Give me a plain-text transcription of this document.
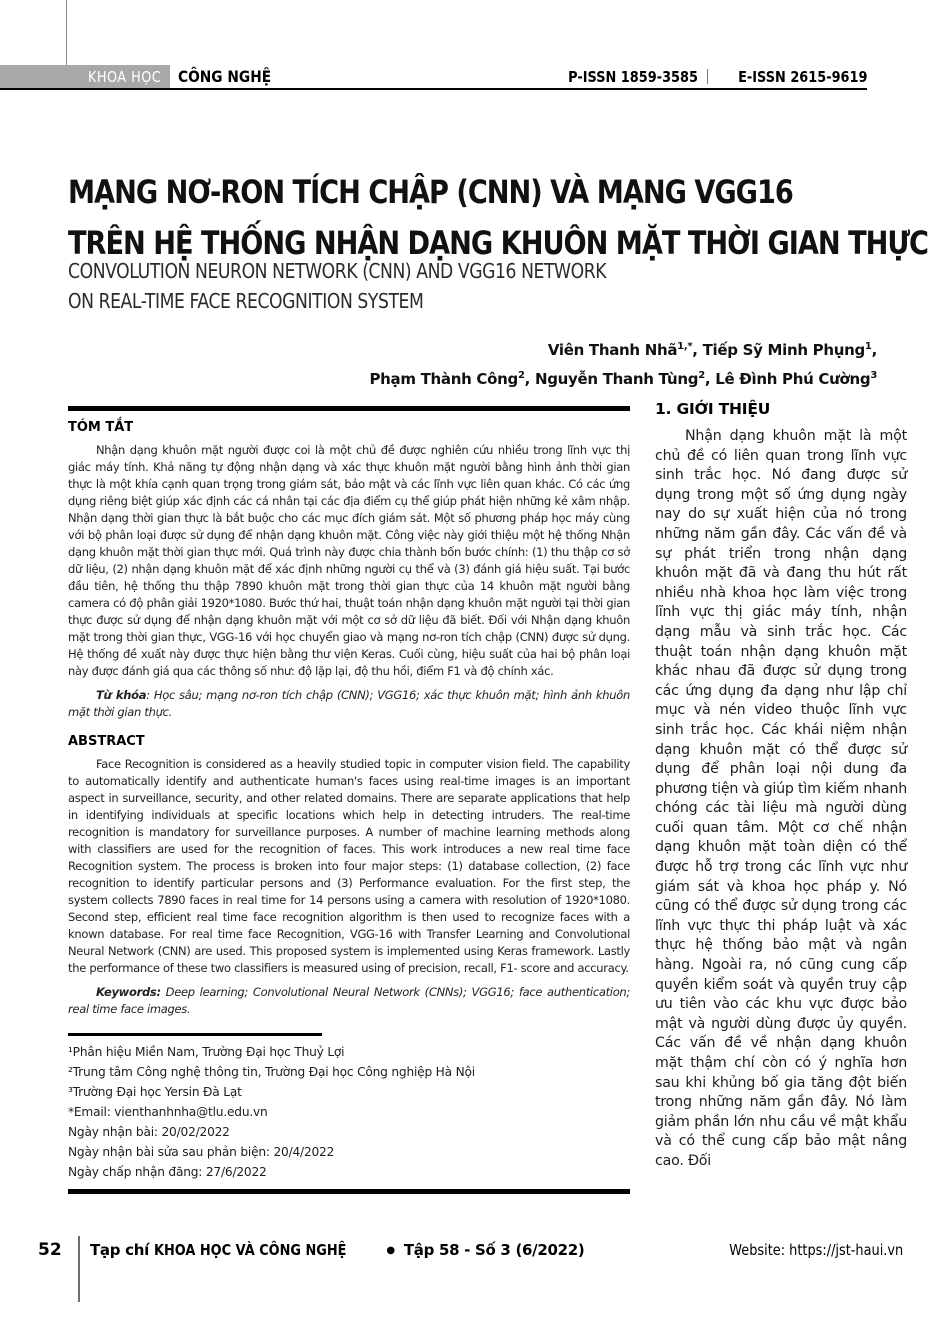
KHOA HỌC CÔNG NGHỆ	P-ISSN 1859-3585	E-ISSN 2615-9619
MẠNG NƠ-RON TÍCH CHẬP (CNN) VÀ MẠNG VGG16
TRÊN HỆ THỐNG NHẬN DẠNG KHUÔN MẶT THỜI GIAN THỰC
CONVOLUTION NEURON NETWORK (CNN) AND VGG16 NETWORK
ON REAL-TIME FACE RECOGNITION SYSTEM
Viên Thanh Nhã$^{1,*}$, Tiếp Sỹ Minh Phụng$^1$,
Phạm Thành Công$^2$, Nguyễn Thanh Tùng$^2$, Lê Đình Phú Cường$^3$
TÓM TẮT

Nhận dạng khuôn mặt người được coi là một chủ đề được nghiên cứu nhiều trong lĩnh vực thị giác máy tính. Khả năng tự động nhận dạng và xác thực khuôn mặt người bằng hình ảnh thời gian thực là một khía cạnh quan trọng trong giám sát, bảo mật và các lĩnh vực liên quan khác. Có các ứng dụng riêng biệt giúp xác định các cá nhân tại các địa điểm cụ thể giúp phát hiện những kẻ xâm nhập. Nhận dạng thời gian thực là bắt buộc cho các mục đích giám sát. Một số phương pháp học máy cùng với bộ phân loại được sử dụng để nhận dạng khuôn mặt. Công việc này giới thiệu một hệ thống Nhận dạng khuôn mặt thời gian thực mới. Quá trình này được chia thành bốn bước chính: (1) thu thập cơ sở dữ liệu, (2) nhận dạng khuôn mặt để xác định những người cụ thể và (3) đánh giá hiệu suất. Tại bước đầu tiên, hệ thống thu thập 7890 khuôn mặt trong thời gian thực của 14 khuôn mặt người bằng camera có độ phân giải 1920*1080. Bước thứ hai, thuật toán nhận dạng khuôn mặt người tại thời gian thực được sử dụng để nhận dạng khuôn mặt với một cơ sở dữ liệu đã biết. Đối với Nhận dạng khuôn mặt trong thời gian thực, VGG-16 với học chuyển giao và mạng nơ-ron tích chập (CNN) được sử dụng. Hệ thống đề xuất này được thực hiện bằng thư viện Keras. Cuối cùng, hiệu suất của hai bộ phân loại này được đánh giá qua các thông số như: độ lặp lại, độ thu hồi, điểm F1 và độ chính xác.

Từ khóa: Học sâu; mạng nơ-ron tích chập (CNN); VGG16; xác thực khuôn mặt; hình ảnh khuôn mặt thời gian thực.

ABSTRACT

Face Recognition is considered as a heavily studied topic in computer vision field. The capability to automatically identify and authenticate human's faces using real-time images is an important aspect in surveillance, security, and other related domains. There are separate applications that help in identifying individuals at specific locations which help in detecting intruders. The real-time recognition is mandatory for surveillance purposes. A number of machine learning methods along with classifiers are used for the recognition of faces. This work introduces a new real time face Recognition system. The process is broken into four major steps: (1) database collection, (2) face recognition to identify particular persons and (3) Performance evaluation. For the first step, the system collects 7890 faces in real time for 14 persons using a camera with resolution of 1920*1080. Second step, efficient real time face recognition algorithm is then used to recognize faces with a known database. For real time face Recognition, VGG-16 with Transfer Learning and Convolutional Neural Network (CNN) are used. This proposed system is implemented using Keras framework. Lastly the performance of these two classifiers is measured using of precision, recall, F1- score and accuracy.

Keywords: Deep learning; Convolutional Neural Network (CNNs); VGG16; face authentication; real time face images.

¹Phân hiệu Miền Nam, Trường Đại học Thuỷ Lợi
²Trung tâm Công nghệ thông tin, Trường Đại học Công nghiệp Hà Nội
³Trường Đại học Yersin Đà Lạt
*Email: vienthanhnha@tlu.edu.vn
Ngày nhận bài: 20/02/2022
Ngày nhận bài sửa sau phản biện: 20/4/2022
Ngày chấp nhận đăng: 27/6/2022
1. GIỚI THIỆU

Nhận dạng khuôn mặt là một chủ đề có liên quan trong lĩnh vực sinh trắc học. Nó đang được sử dụng trong một số ứng dụng ngày nay do sự xuất hiện của nó trong những năm gần đây. Các vấn đề và sự phát triển trong nhận dạng khuôn mặt đã và đang thu hút rất nhiều nhà khoa học làm việc trong lĩnh vực thị giác máy tính, nhận dạng mẫu và sinh trắc học. Các thuật toán nhận dạng khuôn mặt khác nhau đã được sử dụng trong các ứng dụng đa dạng như lập chỉ mục và nén video thuộc lĩnh vực sinh trắc học. Các khái niệm nhận dạng khuôn mặt có thể được sử dụng để phân loại nội dung đa phương tiện và giúp tìm kiếm nhanh chóng các tài liệu mà người dùng cuối quan tâm. Một cơ chế nhận dạng khuôn mặt toàn diện có thể được hỗ trợ trong các lĩnh vực như giám sát và khoa học pháp y. Nó cũng có thể được sử dụng trong các lĩnh vực thực thi pháp luật và xác thực hệ thống bảo mật và ngân hàng. Ngoài ra, nó cũng cung cấp quyền kiểm soát và quyền truy cập ưu tiên vào các khu vực được bảo mật và người dùng được ủy quyền. Các vấn đề về nhận dạng khuôn mặt thậm chí còn có ý nghĩa hơn sau khi khủng bố gia tăng đột biến trong những năm gần đây. Nó làm giảm phần lớn nhu cầu về mật khẩu và có thể cung cấp bảo mật nâng cao. Đối

52 Tạp chí KHOA HỌC VÀ CÔNG NGHỆ	● Tập 58 - Số 3 (6/2022)	Website: https://jst-haui.vn
